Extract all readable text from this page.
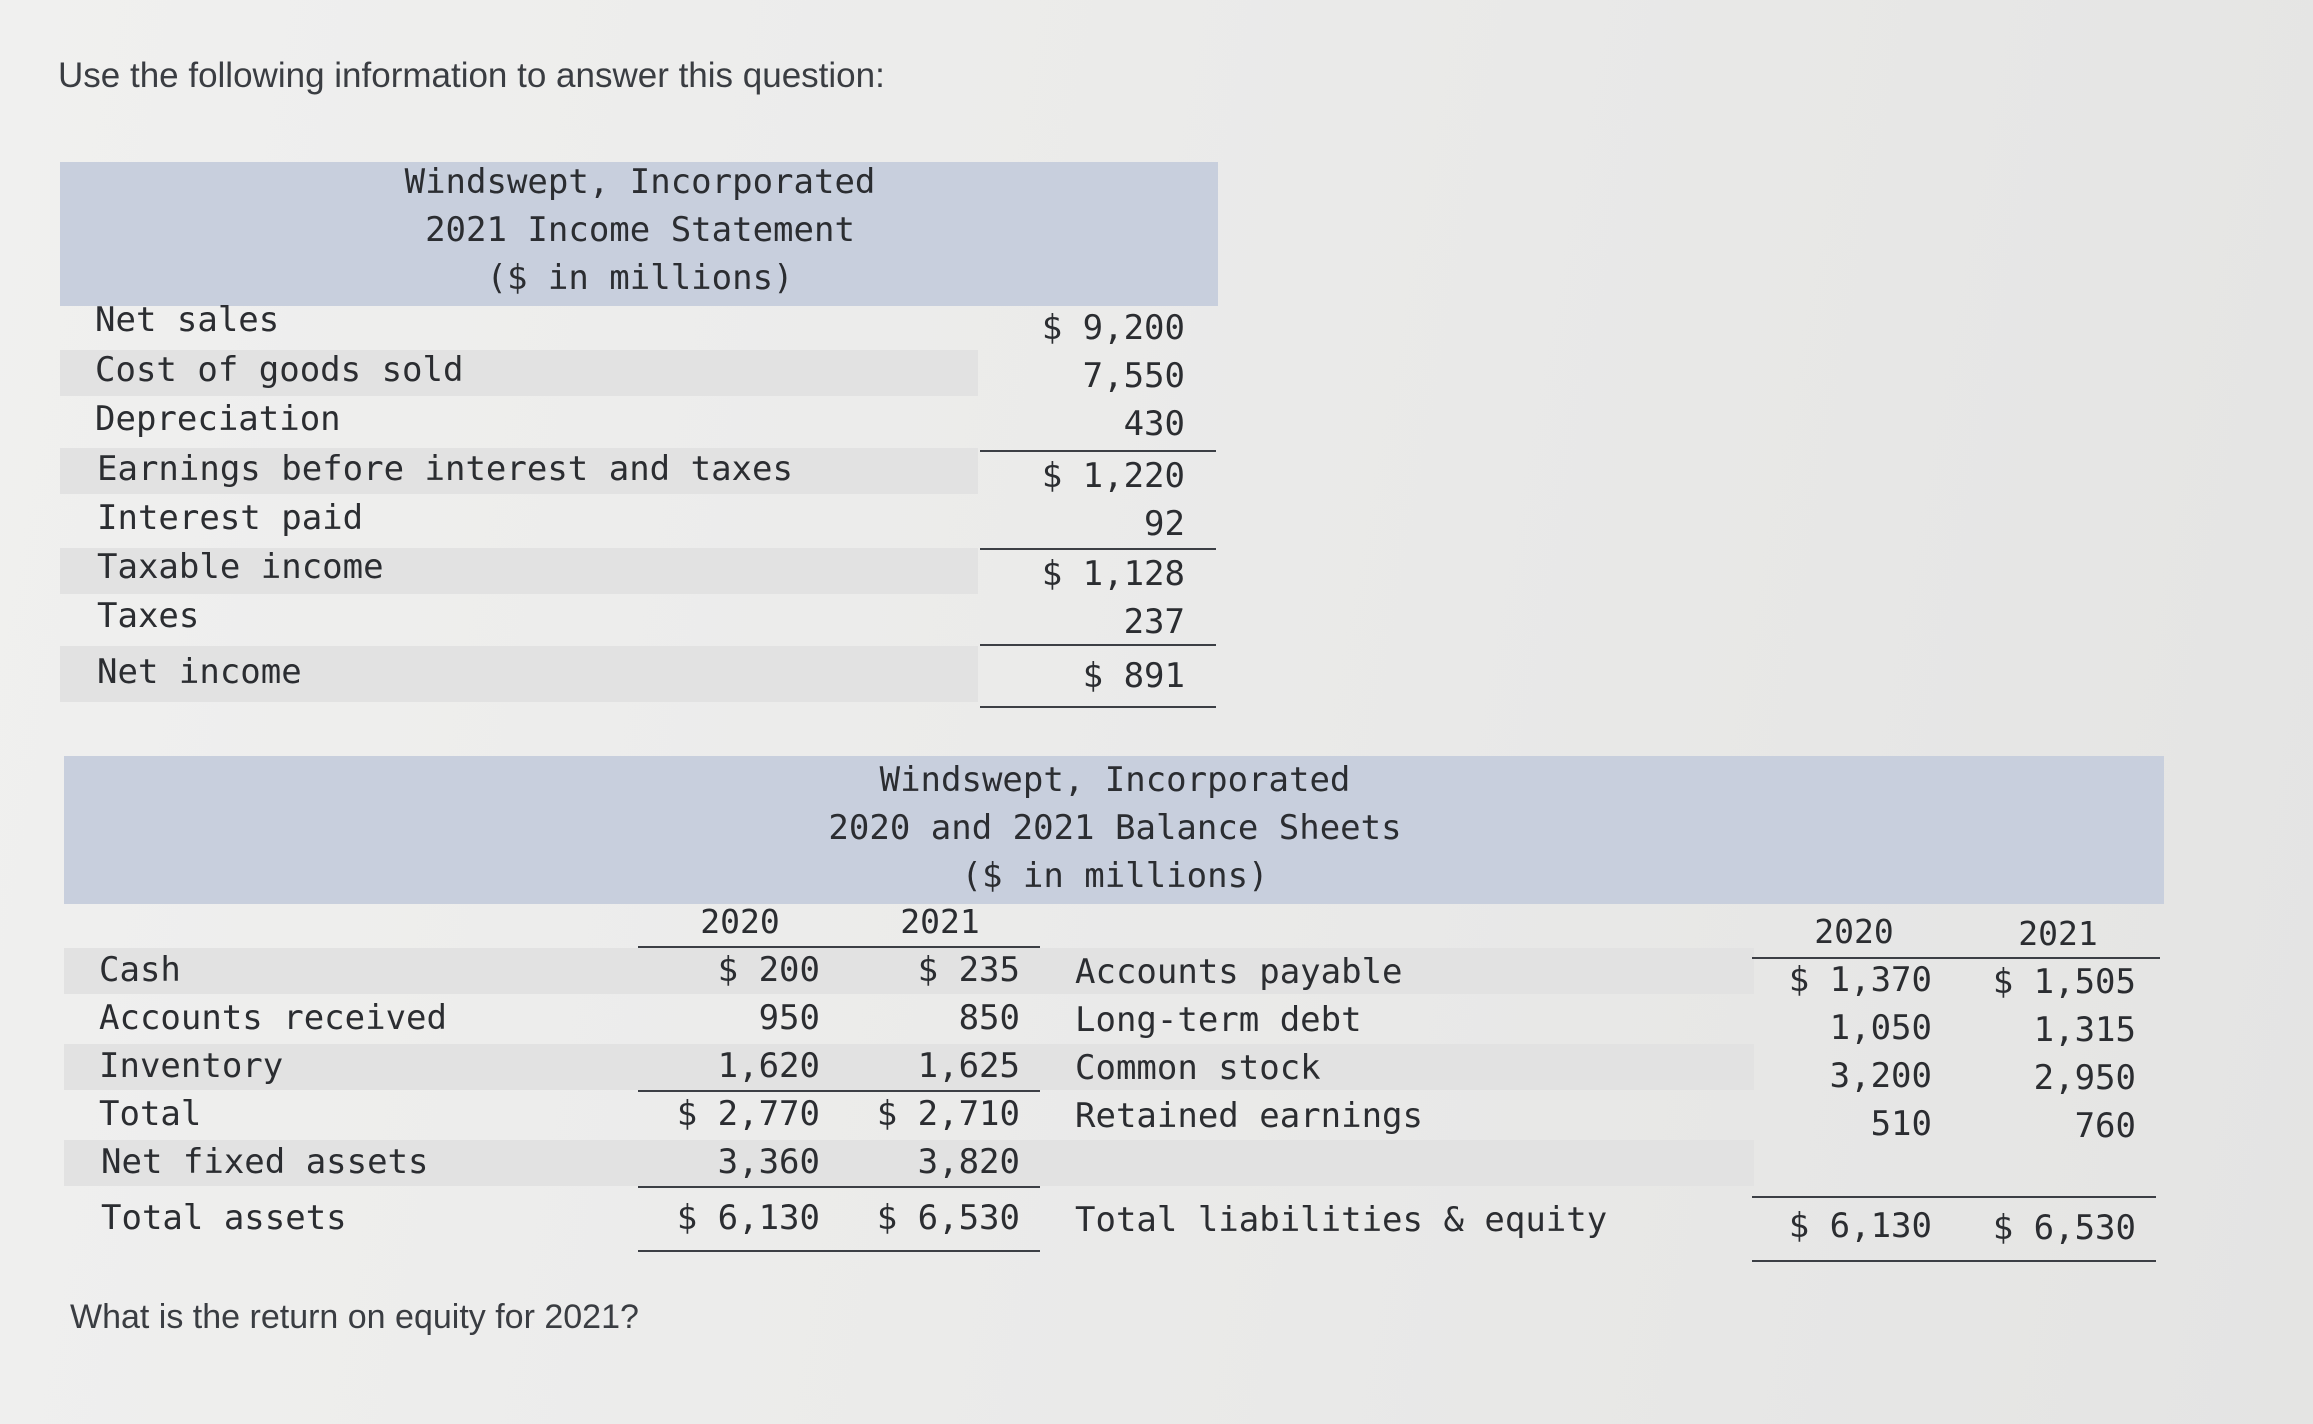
Use the following information to answer this question:
Windswept, Incorporated
2021 Income Statement
($ in millions)
Net sales
Cost of goods sold
Depreciation
Earnings before interest and taxes
Interest paid
Taxable income
Taxes
Net income
$ 9,200
7,550
430
$ 1,220
92
$ 1,128
237
$ 891
Windswept, Incorporated
2020 and 2021 Balance Sheets
($ in millions)
2020	2021
Cash
Accounts received
Inventory
Total
Net fixed assets
Total assets
$ 200
950
1,620
$ 2,770
3,360
$ 6,130
$ 235
850
1,625
$ 2,710
3,820
$ 6,530
Accounts payable
Long-term debt
Common stock
Retained earnings
Total liabilities & equity
2020	2021
$ 1,370
1,050
3,200
510
$ 6,130
$ 1,505
1,315
2,950
760
$ 6,530
What is the return on equity for 2021?
